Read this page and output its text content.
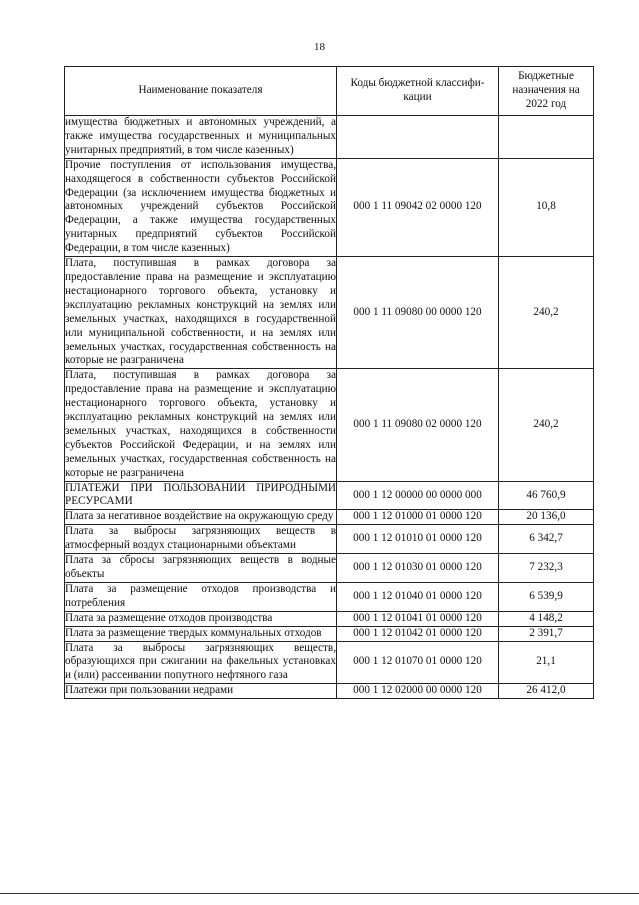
18
Наименование показателя	Коды бюджетной классифи-кации	Бюджетные назначения на 2022 год

имущества бюджетных и автономных учреждений, а также имущества государственных и муниципальных унитарных предприятий, в том числе казенных)		
Прочие поступления от использования имущества, находящегося в собственности субъектов Российской Федерации (за исключением имущества бюджетных и автономных учреждений субъектов Российской Федерации, а также имущества государственных унитарных предприятий субъектов Российской Федерации, в том числе казенных)	000 1 11 09042 02 0000 120	10,8
Плата, поступившая в рамках договора за предоставление права на размещение и эксплуатацию нестационарного торгового объекта, установку и эксплуатацию рекламных конструкций на землях или земельных участках, находящихся в государственной или муниципальной собственности, и на землях или земельных участках, государственная собственность на которые не разграничена	000 1 11 09080 00 0000 120	240,2
Плата, поступившая в рамках договора за предоставление права на размещение и эксплуатацию нестационарного торгового объекта, установку и эксплуатацию рекламных конструкций на землях или земельных участках, находящихся в собственности субъектов Российской Федерации, и на землях или земельных участках, государственная собственность на которые не разграничена	000 1 11 09080 02 0000 120	240,2
ПЛАТЕЖИ ПРИ ПОЛЬЗОВАНИИ ПРИРОДНЫМИ РЕСУРСАМИ	000 1 12 00000 00 0000 000	46 760,9
Плата за негативное воздействие на окружающую среду	000 1 12 01000 01 0000 120	20 136,0
Плата за выбросы загрязняющих веществ в атмосферный воздух стационарными объектами	000 1 12 01010 01 0000 120	6 342,7
Плата за сбросы загрязняющих веществ в водные объекты	000 1 12 01030 01 0000 120	7 232,3
Плата за размещение отходов производства и потребления	000 1 12 01040 01 0000 120	6 539,9
Плата за размещение отходов производства	000 1 12 01041 01 0000 120	4 148,2
Плата за размещение твердых коммунальных отходов	000 1 12 01042 01 0000 120	2 391,7
Плата за выбросы загрязняющих веществ, образующихся при сжигании на факельных установках и (или) рассеивании попутного нефтяного газа	000 1 12 01070 01 0000 120	21,1
Платежи при пользовании недрами	000 1 12 02000 00 0000 120	26 412,0
